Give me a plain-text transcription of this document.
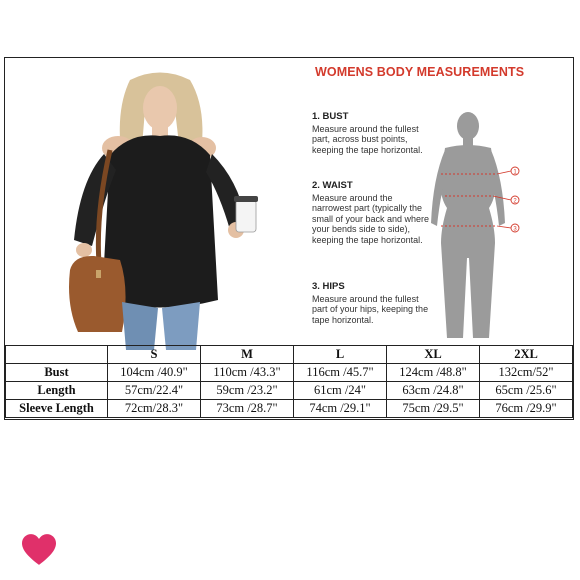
WOMENS BODY MEASUREMENTS
1. BUST
Measure around the fullest part, across bust points, keeping the tape horizontal.
2. WAIST
Measure around the narrowest part (typically the small of your back and where your bends side to side), keeping the tape horizontal.
3. HIPS
Measure around the fullest part of your hips, keeping the tape horizontal.
1
2
3
	S	M	L	XL	2XL
Bust	104cm /40.9"	110cm /43.3"	116cm /45.7"	124cm /48.8"	132cm/52"
Length	57cm/22.4"	59cm /23.2"	61cm /24"	63cm /24.8"	65cm /25.6"
Sleeve Length	72cm/28.3"	73cm /28.7"	74cm /29.1"	75cm /29.5"	76cm /29.9"
